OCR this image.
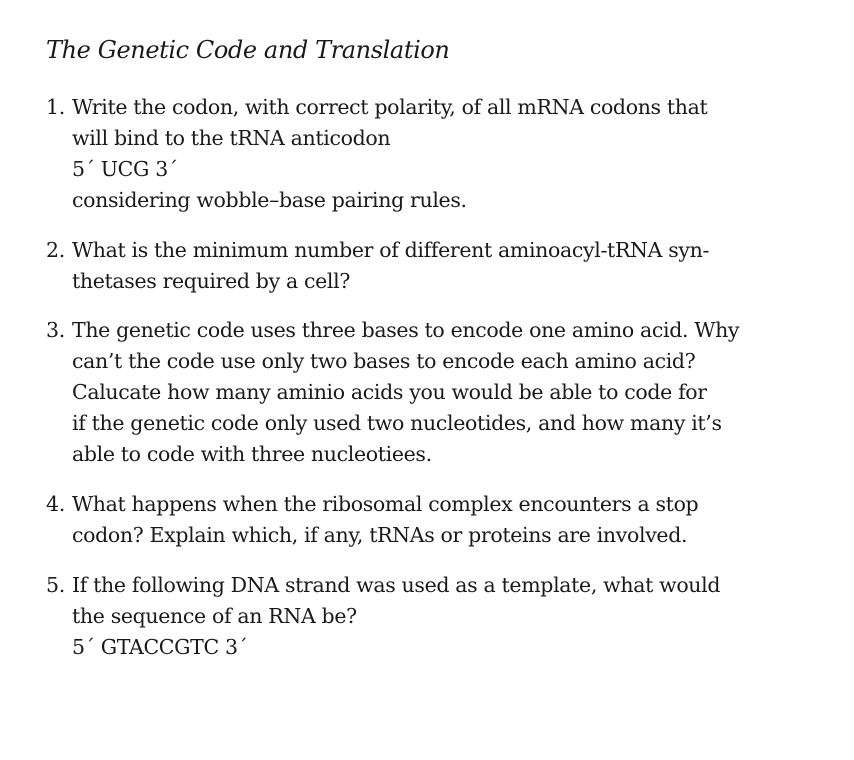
The Genetic Code and Translation
1. Write the codon, with correct polarity, of all mRNA codons that
will bind to the tRNA anticodon
5´ UCG 3´
considering wobble–base pairing rules.
2. What is the minimum number of different aminoacyl-tRNA syn-
thetases required by a cell?
3. The genetic code uses three bases to encode one amino acid. Why
can’t the code use only two bases to encode each amino acid?
Calucate how many aminio acids you would be able to code for
if the genetic code only used two nucleotides, and how many it’s
able to code with three nucleotiees.
4. What happens when the ribosomal complex encounters a stop
codon? Explain which, if any, tRNAs or proteins are involved.
5. If the following DNA strand was used as a template, what would
the sequence of an RNA be?
5´ GTACCGTC 3´
